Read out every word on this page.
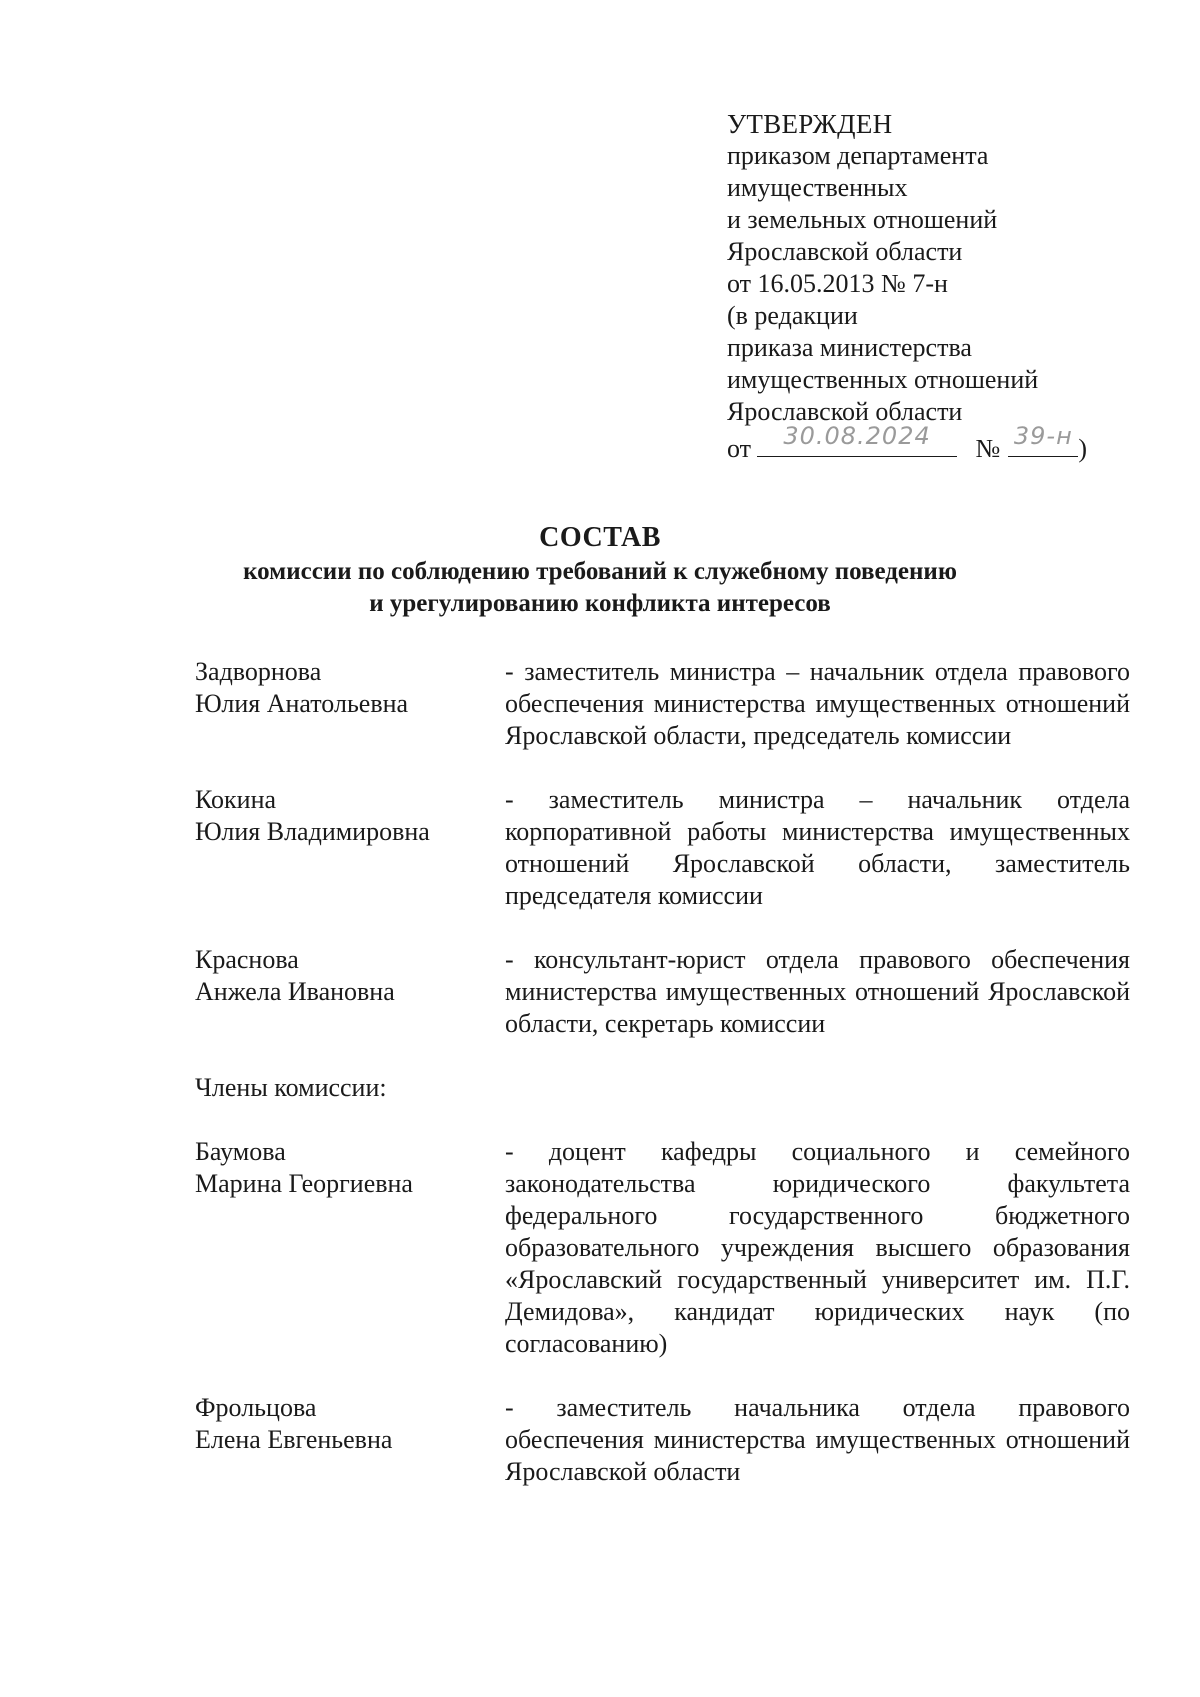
УТВЕРЖДЕН
приказом департамента
имущественных
и земельных отношений
Ярославской области
от 16.05.2013 № 7-н
(в редакции
приказа министерства
имущественных отношений
Ярославской области
от	30.08.2024	№ 39-н )
СОСТАВ
комиссии по соблюдению требований к служебному поведению
и урегулированию конфликта интересов
Задворнова
Юлия Анатольевна
- заместитель министра – начальник отдела правового обеспечения министерства имущественных отношений Ярославской области, председатель комиссии
Кокина
Юлия Владимировна
- заместитель министра – начальник отдела корпоративной работы министерства имущественных отношений Ярославской области, заместитель председателя комиссии
Краснова
Анжела Ивановна
- консультант-юрист отдела правового обеспечения министерства имущественных отношений Ярославской области, секретарь комиссии
Члены комиссии:
Баумова
Марина Георгиевна
- доцент кафедры социального и семейного законодательства юридического факультета федерального государственного бюджетного образовательного учреждения высшего образования «Ярославский государственный университет им. П.Г. Демидова», кандидат юридических наук (по согласованию)
Фрольцова
Елена Евгеньевна
- заместитель начальника отдела правового обеспечения министерства имущественных отношений Ярославской области
